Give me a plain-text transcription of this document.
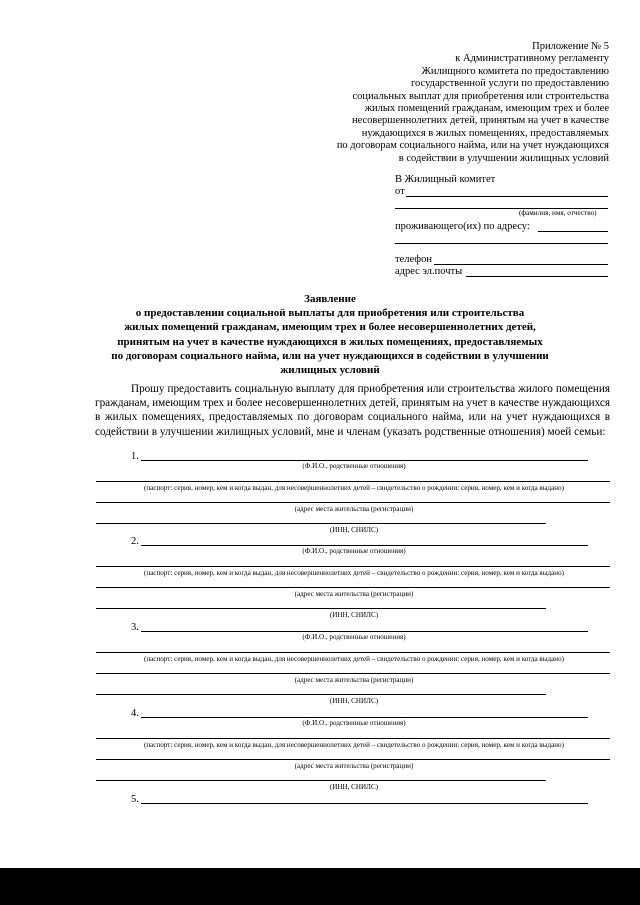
Приложение № 5
к Административному регламенту
Жилищного комитета по предоставлению
государственной услуги по предоставлению
социальных выплат для приобретения или строительства
жилых помещений гражданам, имеющим трех и более
несовершеннолетних детей, принятым на учет в качестве
нуждающихся в жилых помещениях, предоставляемых
по договорам социального найма, или на учет нуждающихся
в содействии в улучшении жилищных условий
В Жилищный комитет
от
(фамилия, имя, отчество)
проживающего(их) по адресу:
телефон
адрес эл.почты
Заявление
о предоставлении социальной выплаты для приобретения или строительства
жилых помещений гражданам, имеющим трех и более несовершеннолетних детей,
принятым на учет в качестве нуждающихся в жилых помещениях, предоставляемых
по договорам социального найма, или на учет нуждающихся в содействии в улучшении
жилищных условий
Прошу предоставить социальную выплату для приобретения или строительства жилого помещения гражданам, имеющим трех и более несовершеннолетних детей, принятым на учет в качестве нуждающихся в жилых помещениях, предоставляемых по договорам социального найма, или на учет нуждающихся в содействии в улучшении жилищных условий, мне и членам (указать родственные отношения) моей семьи:
1.
(Ф.И.О., родственные отношения)
(паспорт: серия, номер, кем и когда выдан, для несовершеннолетних детей – свидетельство о рождении: серия, номер, кем и когда выдано)
(адрес места жительства (регистрации)
(ИНН, СНИЛС)
2.
(Ф.И.О., родственные отношения)
(паспорт: серия, номер, кем и когда выдан, для несовершеннолетних детей – свидетельство о рождении: серия, номер, кем и когда выдано)
(адрес места жительства (регистрации)
(ИНН, СНИЛС)
3.
(Ф.И.О., родственные отношения)
(паспорт: серия, номер, кем и когда выдан, для несовершеннолетних детей – свидетельство о рождении: серия, номер, кем и когда выдано)
(адрес места жительства (регистрации)
(ИНН, СНИЛС)
4.
(Ф.И.О., родственные отношения)
(паспорт: серия, номер, кем и когда выдан, для несовершеннолетних детей – свидетельство о рождении: серия, номер, кем и когда выдано)
(адрес места жительства (регистрации)
(ИНН, СНИЛС)
5.
